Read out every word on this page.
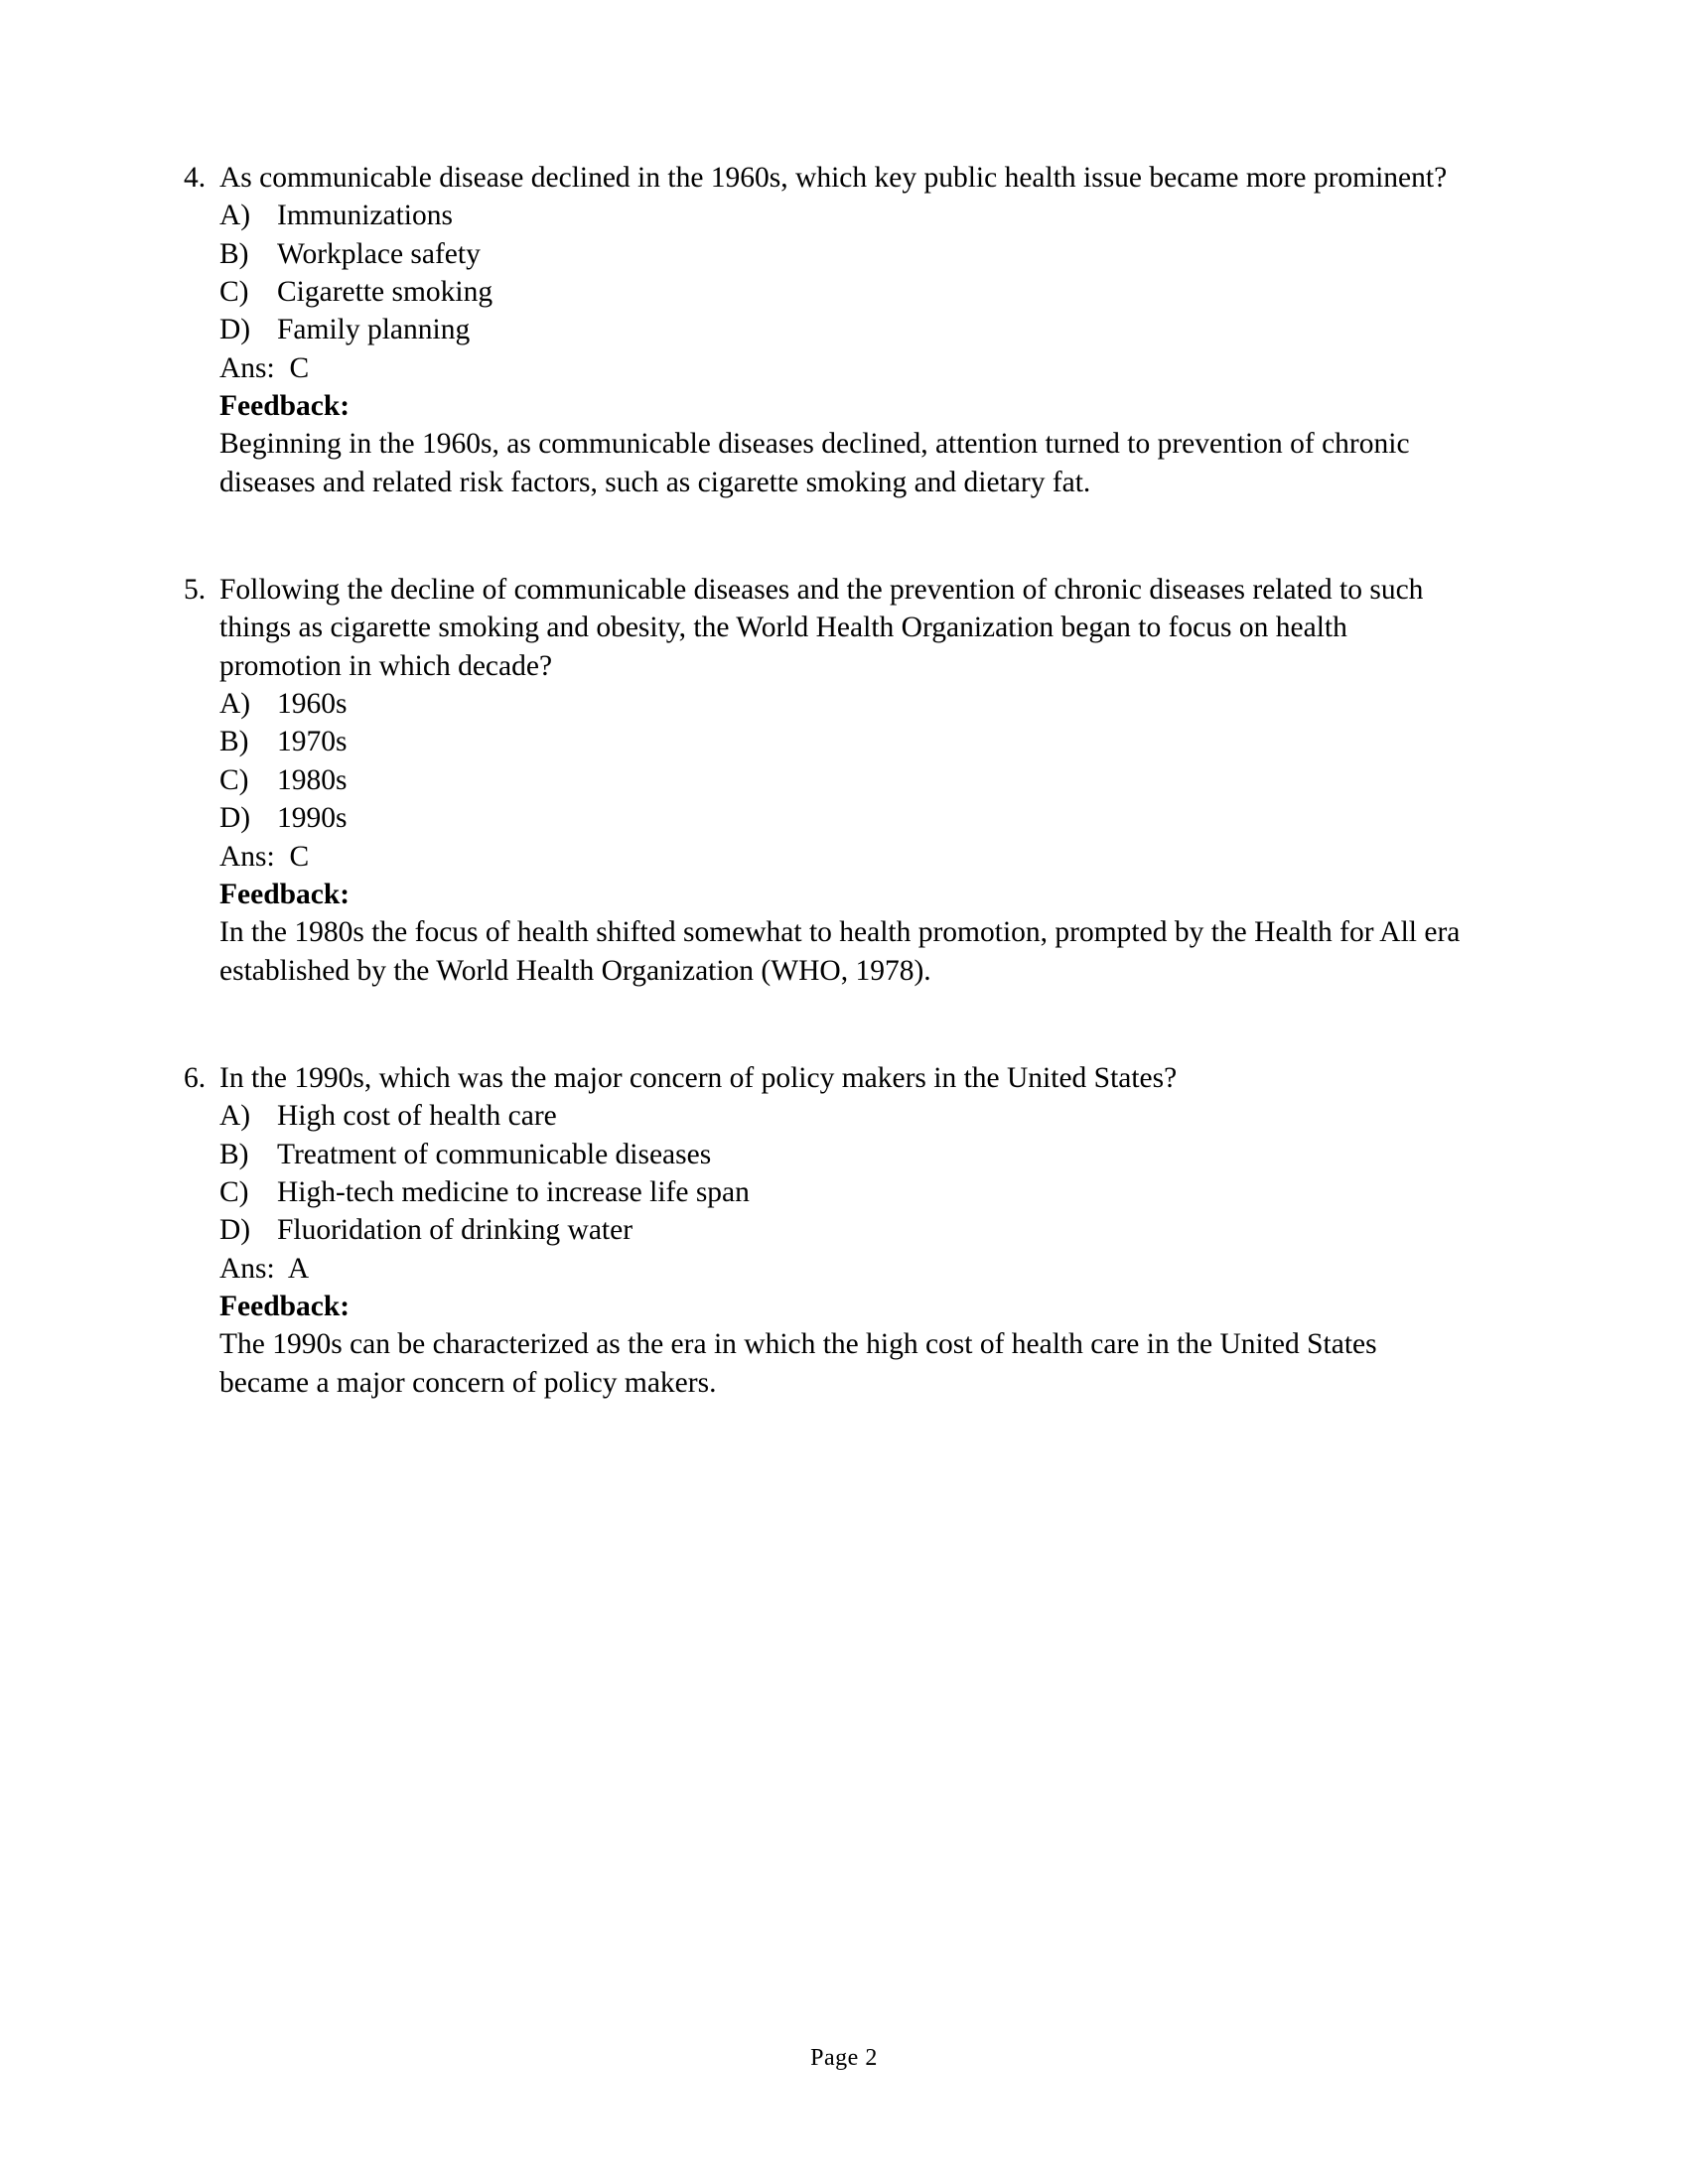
4. As communicable disease declined in the 1960s, which key public health issue became more prominent?
A) Immunizations
B) Workplace safety
C) Cigarette smoking
D) Family planning
Ans:  C
Feedback:
Beginning in the 1960s, as communicable diseases declined, attention turned to prevention of chronic diseases and related risk factors, such as cigarette smoking and dietary fat.
5. Following the decline of communicable diseases and the prevention of chronic diseases related to such things as cigarette smoking and obesity, the World Health Organization began to focus on health promotion in which decade?
A) 1960s
B) 1970s
C) 1980s
D) 1990s
Ans:  C
Feedback:
In the 1980s the focus of health shifted somewhat to health promotion, prompted by the Health for All era established by the World Health Organization (WHO, 1978).
6. In the 1990s, which was the major concern of policy makers in the United States?
A) High cost of health care
B) Treatment of communicable diseases
C) High-tech medicine to increase life span
D) Fluoridation of drinking water
Ans:  A
Feedback:
The 1990s can be characterized as the era in which the high cost of health care in the United States became a major concern of policy makers.
Page 2
